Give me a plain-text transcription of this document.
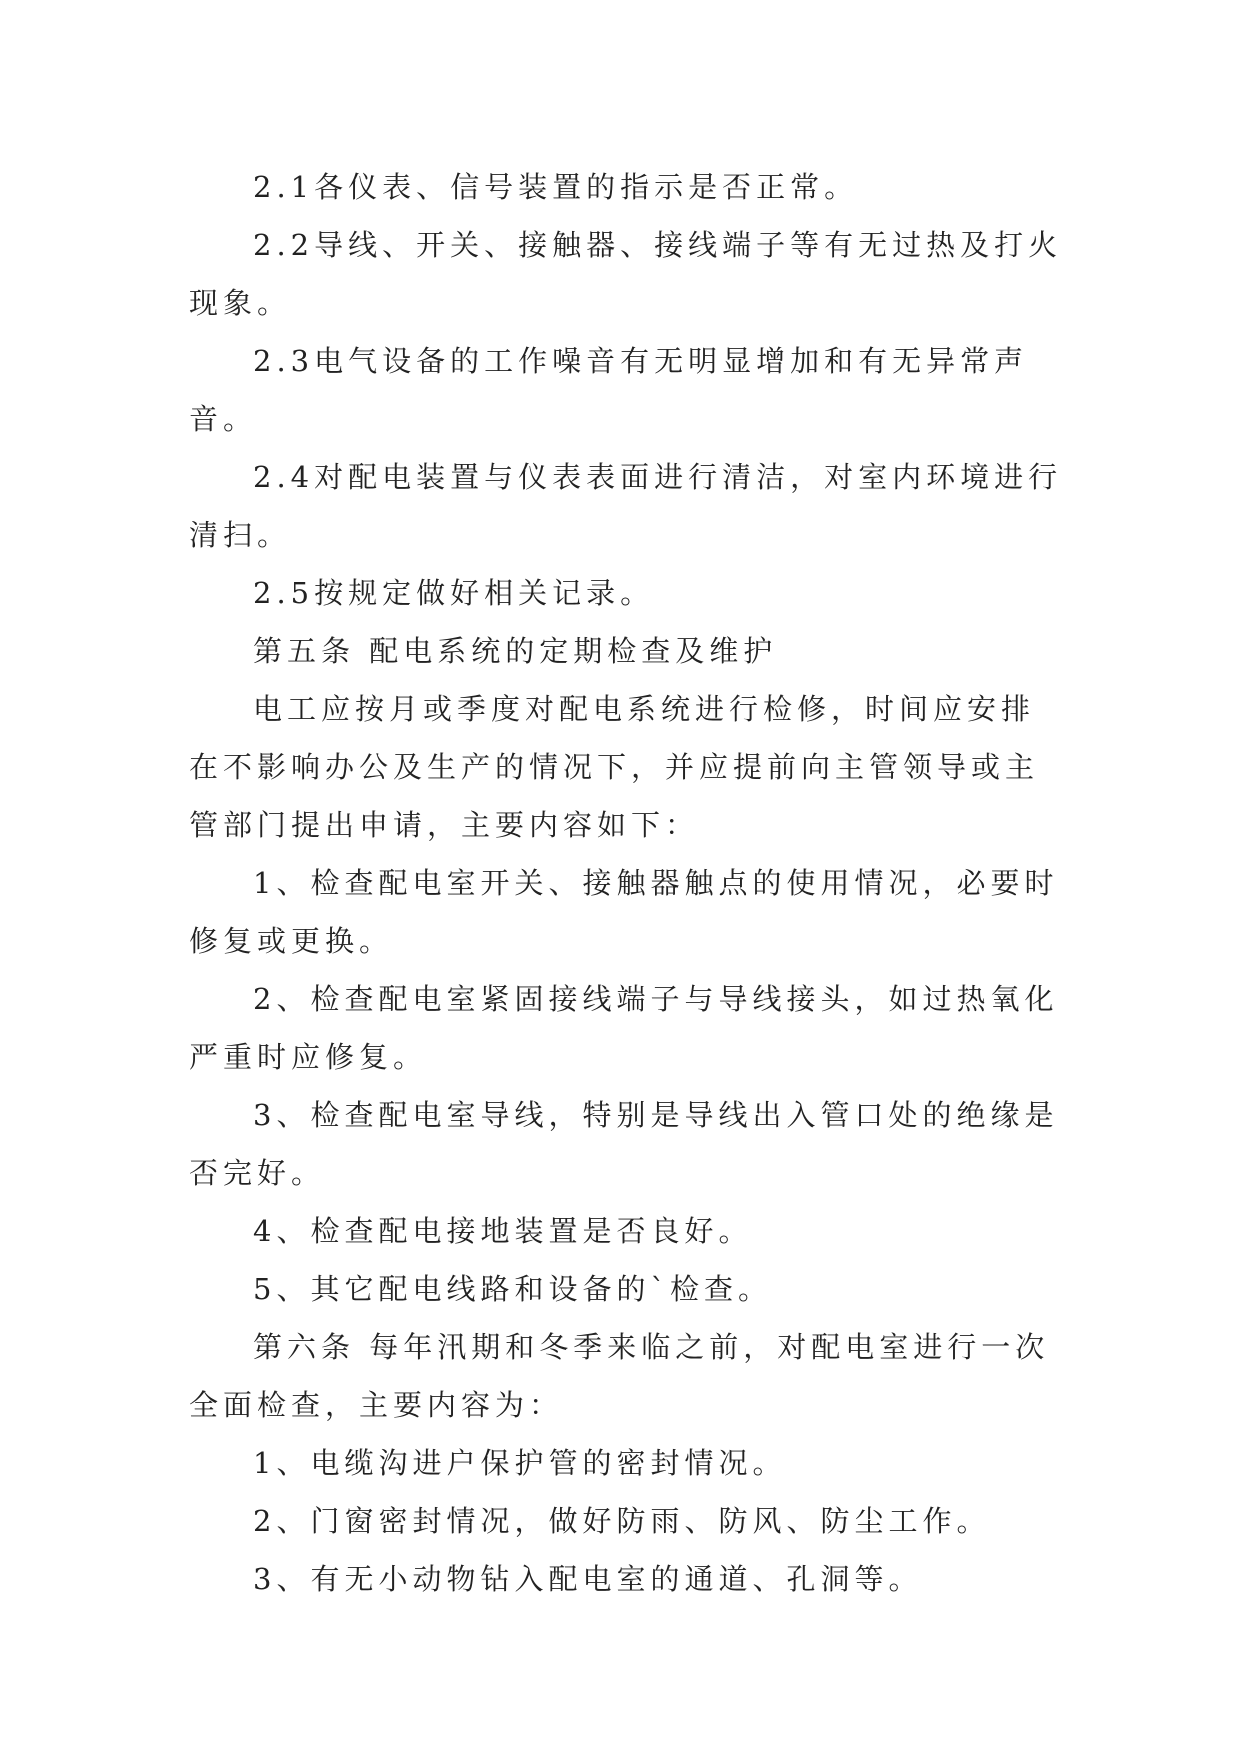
2.1各仪表、信号装置的指示是否正常。

2.2导线、开关、接触器、接线端子等有无过热及打火现象。

2.3电气设备的工作噪音有无明显增加和有无异常声音。

2.4对配电装置与仪表表面进行清洁，对室内环境进行清扫。

2.5按规定做好相关记录。

第五条 配电系统的定期检查及维护

电工应按月或季度对配电系统进行检修，时间应安排在不影响办公及生产的情况下，并应提前向主管领导或主管部门提出申请，主要内容如下：

1、检查配电室开关、接触器触点的使用情况，必要时修复或更换。

2、检查配电室紧固接线端子与导线接头，如过热氧化严重时应修复。

3、检查配电室导线，特别是导线出入管口处的绝缘是否完好。

4、检查配电接地装置是否良好。

5、其它配电线路和设备的`检查。

第六条 每年汛期和冬季来临之前，对配电室进行一次全面检查，主要内容为：

1、电缆沟进户保护管的密封情况。

2、门窗密封情况，做好防雨、防风、防尘工作。

3、有无小动物钻入配电室的通道、孔洞等。
